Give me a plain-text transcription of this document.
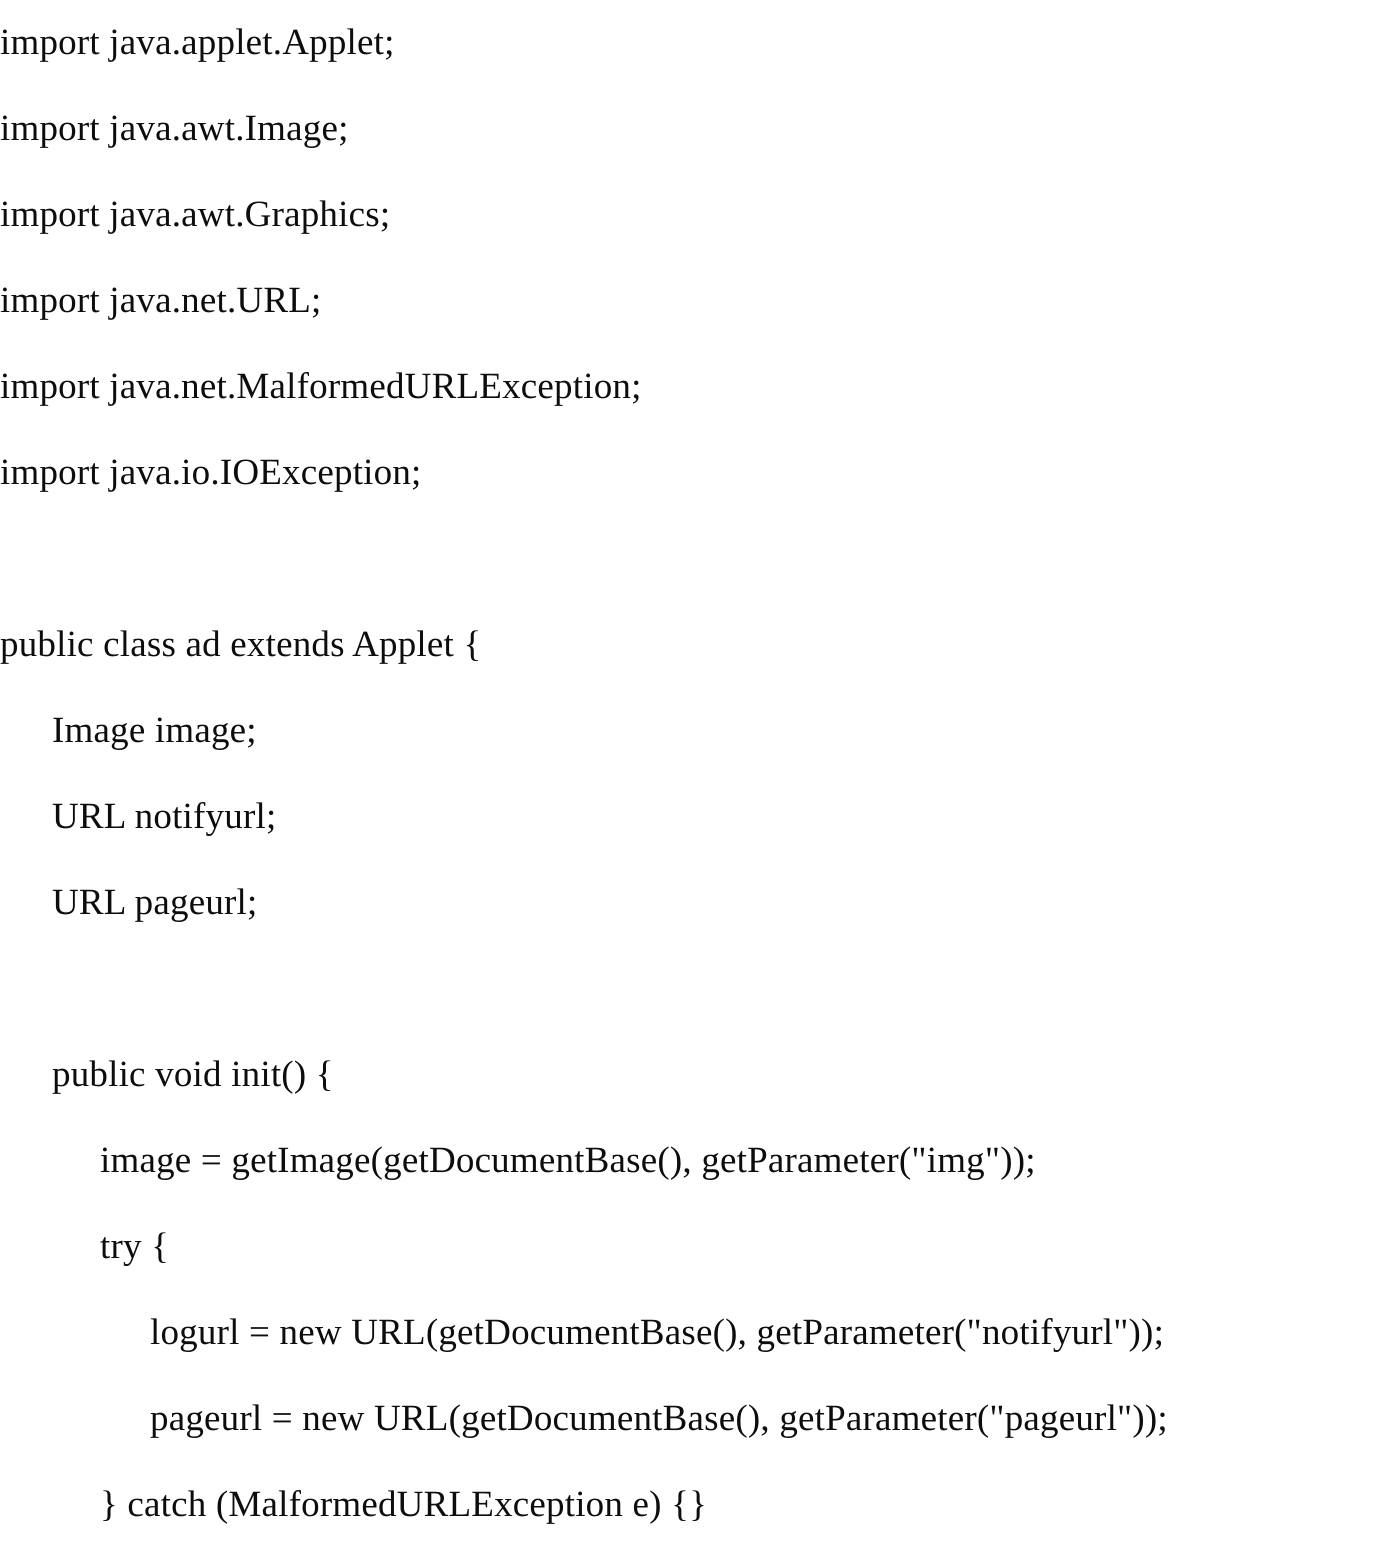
import java.applet.Applet;
import java.awt.Image;
import java.awt.Graphics;
import java.net.URL;
import java.net.MalformedURLException;
import java.io.IOException;
public class ad extends Applet {
Image image;
URL notifyurl;
URL pageurl;
public void init() {
image = getImage(getDocumentBase(), getParameter("img"));
try {
logurl = new URL(getDocumentBase(), getParameter("notifyurl"));
pageurl = new URL(getDocumentBase(), getParameter("pageurl"));
} catch (MalformedURLException e) {}
